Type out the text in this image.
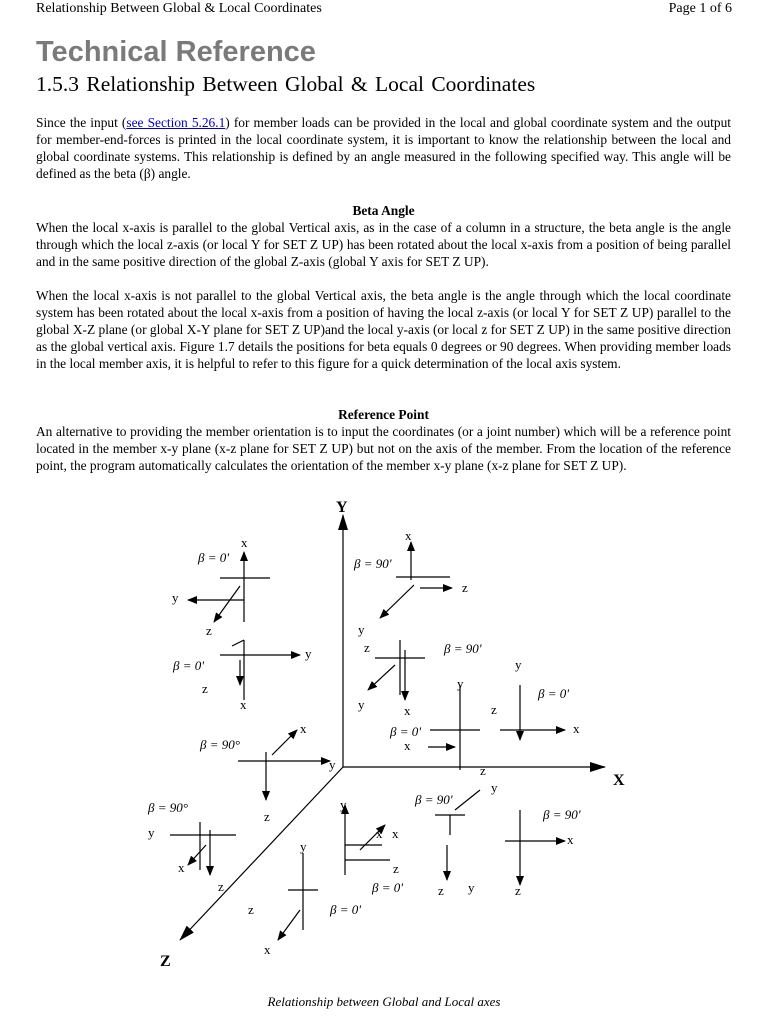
Relationship Between Global & Local Coordinates	Page 1 of 6
Technical Reference
1.5.3 Relationship Between Global & Local Coordinates

Since the input (see Section 5.26.1) for member loads can be provided in the local and global coordinate system and the output for member-end-forces is printed in the local coordinate system, it is important to know the relationship between the local and global coordinate systems. This relationship is defined by an angle measured in the following specified way. This angle will be defined as the beta (β) angle.

Beta Angle

When the local x-axis is parallel to the global Vertical axis, as in the case of a column in a structure, the beta angle is the angle through which the local z-axis (or local Y for SET Z UP) has been rotated about the local x-axis from a position of being parallel and in the same positive direction of the global Z-axis (global Y axis for SET Z UP).

When the local x-axis is not parallel to the global Vertical axis, the beta angle is the angle through which the local coordinate system has been rotated about the local x-axis from a position of having the local z-axis (or local Y for SET Z UP) parallel to the global X-Z plane (or global X-Y plane for SET Z UP)and the local y-axis (or local z for SET Z UP) in the same positive direction as the global vertical axis. Figure 1.7 details the positions for beta equals 0 degrees or 90 degrees. When providing member loads in the local member axis, it is helpful to refer to this figure for a quick determination of the local axis system.

Reference Point

An alternative to providing the member orientation is to input the coordinates (or a joint number) which will be a reference point located in the member x-y plane (x-z plane for SET Z UP) but not on the axis of the member. From the location of the reference point, the program automatically calculates the orientation of the member x-y plane (x-z plane for SET Z UP).

Y
X
Z
β = 0'
β = 0'
β = 90°
β = 90°
β = 90'
β = 90'
β = 0'
β = 0'
β = 90'
β = 90'
β = 0'
β = 0'
x
y
z
y
z
x
x
y
z
y
x
z
x
z
y
z
y	x
x
y
z
y
x
z
y
x
y
x x
z
y
z
x
z y	z
Relationship between Global and Local axes
